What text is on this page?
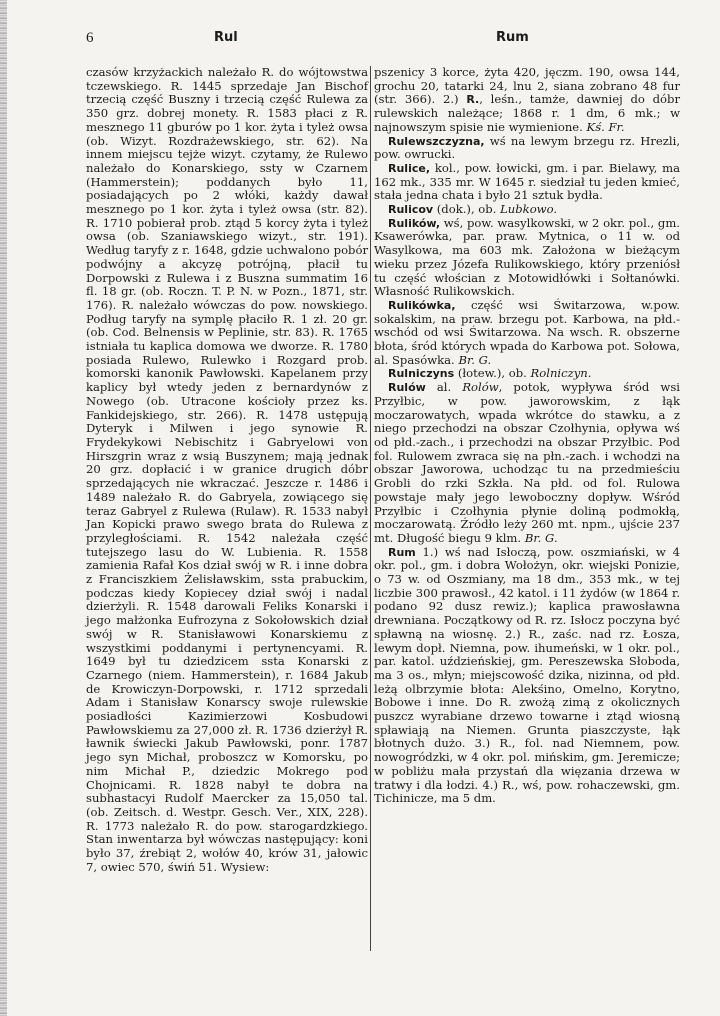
6	Rul	Rum

czasów krzyżackich należało R. do wójtowstwa tczewskiego. R. 1445 sprzedaje Jan Bischof trzecią część Buszny i trzecią część Rulewa za 350 grz. dobrej monety. R. 1583 płaci z R. mesznego 11 gburów po 1 kor. żyta i tyleż owsa (ob. Wizyt. Rozdrażewskiego, str. 62). Na innem miejscu tejże wizyt. czytamy, że Rulewo należało do Konarskiego, ssty w Czarnem (Hammerstein); poddanych było 11, posiadających po 2 włóki, każdy dawał mesznego po 1 kor. żyta i tyleż owsa (str. 82). R. 1710 pobierał prob. ztąd 5 korcy żyta i tyleż owsa (ob. Szaniawskiego wizyt., str. 191). Według taryfy z r. 1648, gdzie uchwalono pobór podwójny a akcyzę potrójną, płacił tu Dorpowski z Rulewa i z Buszna summatim 16 fl. 18 gr. (ob. Roczn. T. P. N. w Pozn., 1871, str. 176). R. należało wówczas do pow. nowskiego. Podług taryfy na symplę płaciło R. 1 zł. 20 gr. (ob. Cod. Belnensis w Peplinie, str. 83). R. 1765 istniała tu kaplica domowa we dworze. R. 1780 posiada Rulewo, Rulewko i Rozgard prob. komorski kanonik Pawłowski. Kapelanem przy kaplicy był wtedy jeden z bernardynów z Nowego (ob. Utracone kościoły przez ks. Fankidejskiego, str. 266). R. 1478 ustępują Dyteryk i Milwen i jego synowie R. Frydekykowi Nebischitz i Gabryelowi von Hirszgrin wraz z wsią Buszynem; mają jednak 20 grz. dopłacić i w granice drugich dóbr sprzedających nie wkraczać. Jeszcze r. 1486 i 1489 należało R. do Gabryela, zowiącego się teraz Gabryel z Rulewa (Rulaw). R. 1533 nabył Jan Kopicki prawo swego brata do Rulewa z przyległościami. R. 1542 należała część tutejszego lasu do W. Lubienia. R. 1558 zamienia Rafał Kos dział swój w R. i inne dobra z Franciszkiem Żelisławskim, ssta prabuckim, podczas kiedy Kopiecey dział swój i nadal dzierżyli. R. 1548 darowali Feliks Konarski i jego małżonka Eufrozyna z Sokołowskich dział swój w R. Stanisławowi Konarskiemu z wszystkimi poddanymi i pertynencyami. R. 1649 był tu dziedzicem ssta Konarski z Czarnego (niem. Hammerstein), r. 1684 Jakub de Krowiczyn-Dorpowski, r. 1712 sprzedali Adam i Stanisław Konarscy swoje rulewskie posiadłości Kazimierzowi Kosbudowi Pawłowskiemu za 27,000 zł. R. 1736 dzierżył R. ławnik świecki Jakub Pawłowski, ponr. 1787 jego syn Michał, proboszcz w Komorsku, po nim Michał P., dziedzic Mokrego pod Chojnicami. R. 1828 nabył te dobra na subhastacyi Rudolf Maercker za 15,050 tal. (ob. Zeitsch. d. Westpr. Gesch. Ver., XIX, 228). R. 1773 należało R. do pow. starogardzkiego. Stan inwentarza był wówczas następujący: koni było 37, źrebiąt 2, wołów 40, krów 31, jałowic 7, owiec 570, świń 51. Wysiew:

pszenicy 3 korce, żyta 420, jęczm. 190, owsa 144, grochu 20, tatarki 24, lnu 2, siana zobrano 48 fur (str. 366). 2.) R., leśn., tamże, dawniej do dóbr rulewskich należące; 1868 r. 1 dm, 6 mk.; w najnowszym spisie nie wymienione. Kś. Fr.

Rulewszczyzna, wś na lewym brzegu rz. Hrezli, pow. owrucki.

Rulice, kol., pow. łowicki, gm. i par. Bielawy, ma 162 mk., 335 mr. W 1645 r. siedział tu jeden kmieć, stała jedna chata i było 21 sztuk bydła.

Rulicov (dok.), ob. Lubkowo.

Rulików, wś, pow. wasylkowski, w 2 okr. pol., gm. Ksawerówka, par. praw. Mytnica, o 11 w. od Wasylkowa, ma 603 mk. Założona w bieżącym wieku przez Józefa Rulikowskiego, który przeniósł tu część włościan z Motowidłówki i Sołtanówki. Własność Rulikowskich.

Rulikówka, część wsi Świtarzowa, w.pow. sokalskim, na praw. brzegu pot. Karbowa, na płd.-wschód od wsi Świtarzowa. Na wsch. R. obszerne błota, śród których wpada do Karbowa pot. Sołowa, al. Spasówka. Br. G.

Rulniczyns (łotew.), ob. Rolniczyn.

Rulów al. Rolów, potok, wypływa śród wsi Przyłbic, w pow. jaworowskim, z łąk moczarowatych, wpada wkrótce do stawku, a z niego przechodzi na obszar Czołhynia, opływa wś od płd.-zach., i przechodzi na obszar Przyłbic. Pod fol. Rulowem zwraca się na płn.-zach. i wchodzi na obszar Jaworowa, uchodząc tu na przedmieściu Grobli do rzki Szkła. Na płd. od fol. Rulowa powstaje mały jego lewoboczny dopływ. Wśród Przyłbic i Czołhynia płynie doliną podmokłą, moczarowatą. Źródło leży 260 mt. npm., ujście 237 mt. Długość biegu 9 klm. Br. G.

Rum 1.) wś nad Isłoczą, pow. oszmiański, w 4 okr. pol., gm. i dobra Wołożyn, okr. wiejski Ponizie, o 73 w. od Oszmiany, ma 18 dm., 353 mk., w tej liczbie 300 prawosł., 42 katol. i 11 żydów (w 1864 r. podano 92 dusz rewiz.); kaplica prawosławna drewniana. Początkowy od R. rz. Isłocz poczyna być spławną na wiosnę. 2.) R., zaśc. nad rz. Łosza, lewym dopł. Niemna, pow. ihumeński, w 1 okr. pol., par. katol. uździeńskiej, gm. Pereszewska Słoboda, ma 3 os., młyn; miejscowość dzika, nizinna, od płd. leżą olbrzymie błota: Alekśino, Omelno, Korytno, Bobowe i inne. Do R. zwożą zimą z okolicznych puszcz wyrabiane drzewo towarne i ztąd wiosną spławiają na Niemen. Grunta piaszczyste, łąk błotnych dużo. 3.) R., fol. nad Niemnem, pow. nowogródzki, w 4 okr. pol. mińskim, gm. Jeremicze; w pobliżu mała przystań dla więzania drzewa w tratwy i dla łodzi. 4.) R., wś, pow. rohaczewski, gm. Tichinicze, ma 5 dm.
